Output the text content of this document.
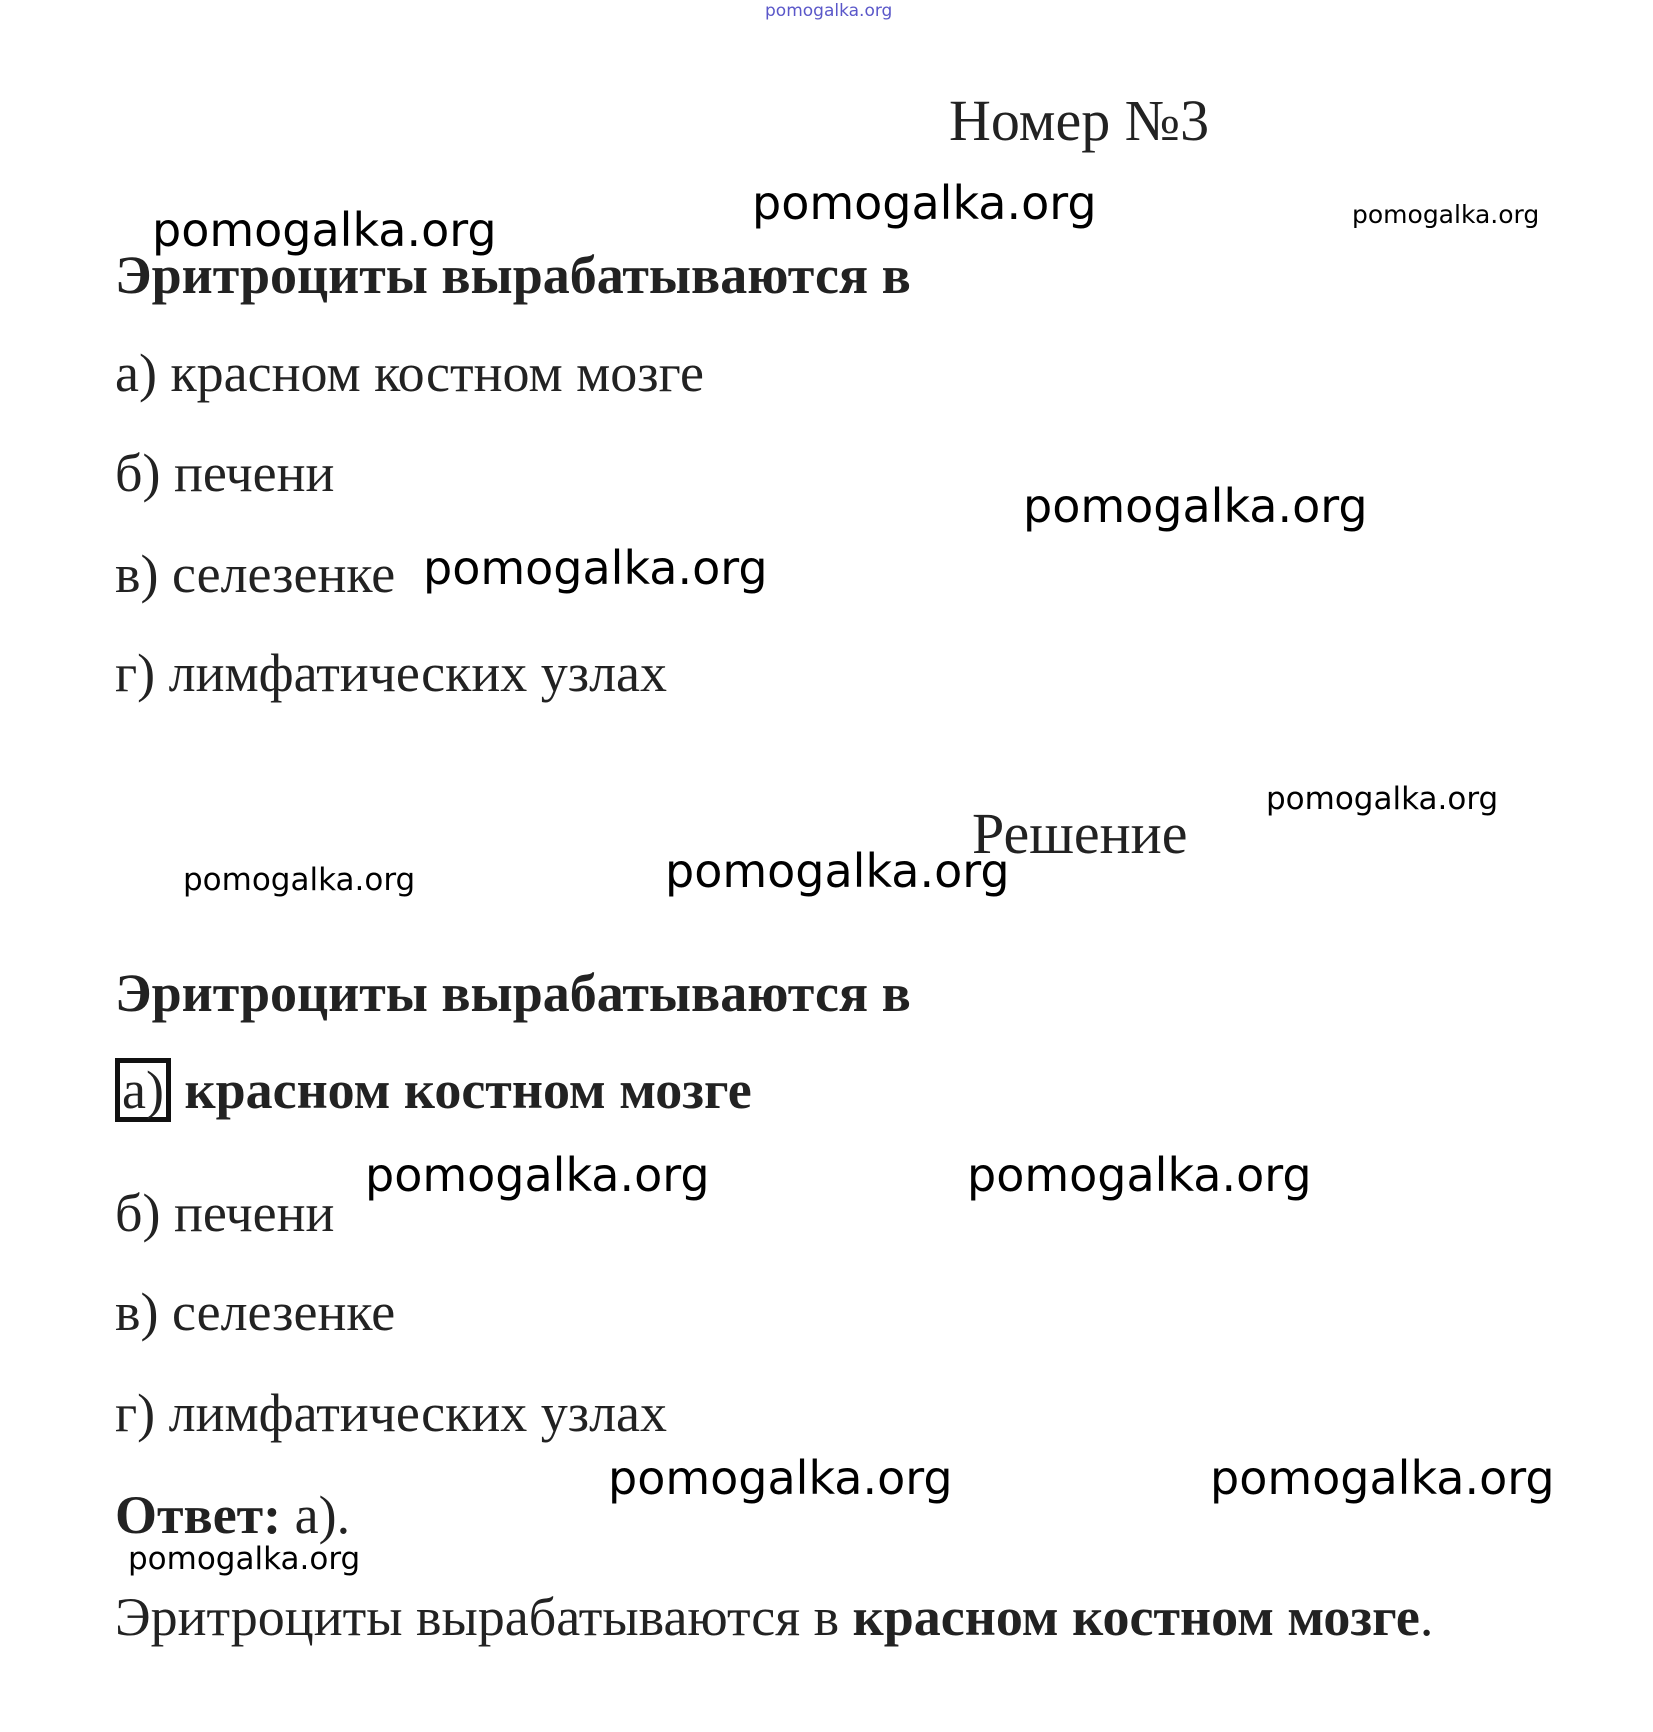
pomogalka.org
Номер №3
pomogalka.org	pomogalka.org
pomogalka.org
Эритроциты вырабатываются в
а) красном костном мозге
б) печени
в) селезенке
г) лимфатических узлах
pomogalka.org
pomogalka.org
pomogalka.org
Решение
pomogalka.org	pomogalka.org
Эритроциты вырабатываются в
а) красном костном мозге
pomogalka.org	pomogalka.org
б) печени
в) селезенке
г) лимфатических узлах
pomogalka.org	pomogalka.org
Ответ: а).
pomogalka.org
Эритроциты вырабатываются в красном костном мозге.
